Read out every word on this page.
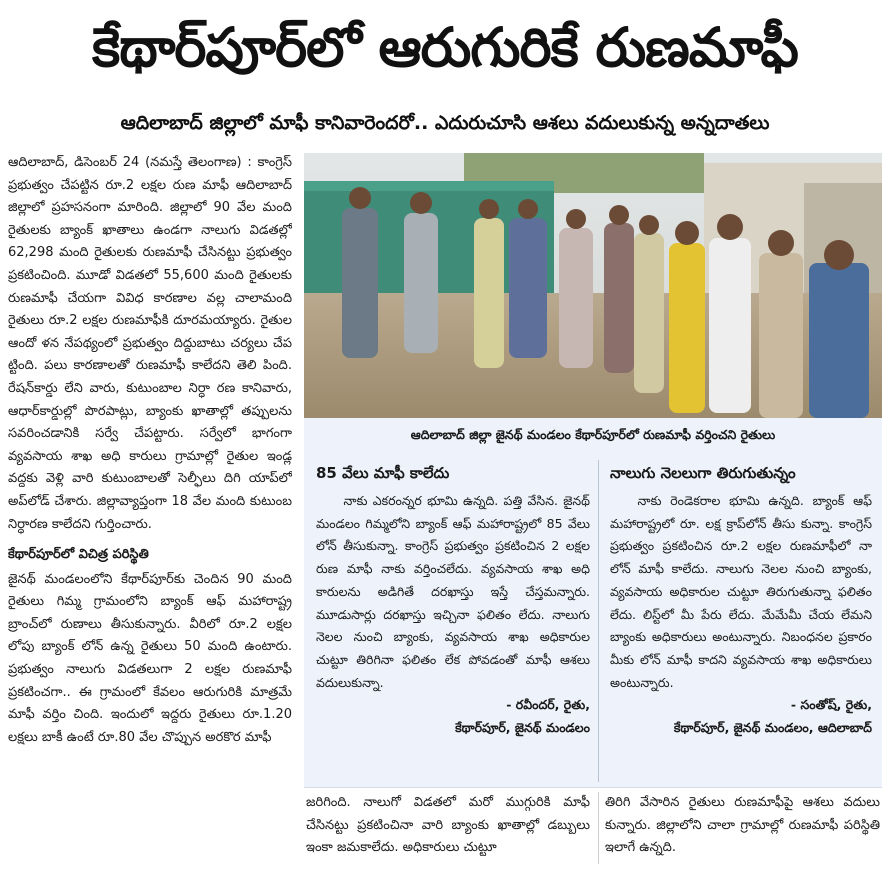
కేథార్‌పూర్‌లో ఆరుగురికే రుణమాఫీ
ఆదిలాబాద్ జిల్లాలో మాఫీ కానివారెందరో.. ఎదురుచూసి ఆశలు వదులుకున్న అన్నదాతలు

ఆదిలాబాద్, డిసెంబర్ 24 (నమస్తే తెలంగాణ) : కాంగ్రెస్ ప్రభుత్వం చేపట్టిన రూ.2 లక్షల రుణ మాఫీ ఆదిలాబాద్ జిల్లాలో ప్రహసనంగా మారింది. జిల్లాలో 90 వేల మంది రైతులకు బ్యాంక్ ఖాతాలు ఉండగా నాలుగు విడతల్లో 62,298 మంది రైతులకు రుణమాఫీ చేసినట్టు ప్రభుత్వం ప్రకటించింది. మూడో విడతలో 55,600 మంది రైతులకు రుణమాఫీ చేయగా వివిధ కారణాల వల్ల చాలామంది రైతులు రూ.2 లక్షల రుణమాఫీకి దూరమయ్యారు. రైతుల ఆందో ళన నేపథ్యంలో ప్రభుత్వం దిద్దుబాటు చర్యలు చేప ట్టింది. పలు కారణాలతో రుణమాఫీ కాలేదని తెలి పింది. రేషన్‌కార్డు లేని వారు, కుటుంబాల నిర్ధా రణ కానివారు, ఆధార్‌కార్డుల్లో పొరపాట్లు, బ్యాంకు ఖాతాల్లో తప్పులను సవరించడానికి సర్వే చేపట్టారు. సర్వేలో భాగంగా వ్యవసాయ శాఖ అధి కారులు గ్రామాల్లో రైతుల ఇండ్ల వద్దకు వెళ్లి వారి కుటుంబాలతో సెల్ఫీలు దిగి యాప్‌లో అప్‌లోడ్ చేశారు. జిల్లావ్యాప్తంగా 18 వేల మంది కుటుంబ నిర్ధారణ కాలేదని గుర్తించారు.

కేథార్‌పూర్‌లో విచిత్ర పరిస్థితి

జైనథ్ మండలంలోని కేథార్‌పూర్‌కు చెందిన 90 మంది రైతులు గిమ్మ గ్రామంలోని బ్యాంక్ ఆఫ్ మహారాష్ట్ర బ్రాంచ్‌లో రుణాలు తీసుకున్నారు. వీరిలో రూ.2 లక్షల లోపు బ్యాంక్ లోన్ ఉన్న రైతులు 50 మంది ఉంటారు. ప్రభుత్వం నాలుగు విడతలుగా 2 లక్షల రుణమాఫీ ప్రకటించగా.. ఈ గ్రామంలో కేవలం ఆరుగురికి మాత్రమే మాఫీ వర్తిం చింది. ఇందులో ఇద్దరు రైతులు రూ.1.20 లక్షలు బాకీ ఉంటే రూ.80 వేల చొప్పున అరకొర మాఫీ

ఆదిలాబాద్ జిల్లా జైనథ్ మండలం కేథార్‌పూర్‌లో రుణమాఫీ వర్తించని రైతులు
85 వేలు మాఫీ కాలేదు

నాకు ఎకరంన్నర భూమి ఉన్నది. పత్తి వేసిన. జైనథ్ మండలం గిమ్మలోని బ్యాంక్ ఆఫ్ మహారాష్ట్రలో 85 వేలు లోన్ తీసుకున్నా. కాంగ్రెస్ ప్రభుత్వం ప్రకటించిన 2 లక్షల రుణ మాఫీ నాకు వర్తించలేదు. వ్యవసాయ శాఖ అధి కారులను అడిగితే దరఖాస్తు ఇస్తే చేస్తమన్నారు. మూడుసార్లు దరఖాస్తు ఇచ్చినా ఫలితం లేదు. నాలుగు నెలల నుంచి బ్యాంకు, వ్యవసాయ శాఖ అధికారుల చుట్టూ తిరిగినా ఫలితం లేక పోవడంతో మాఫీ ఆశలు వదులుకున్నా.

- రవీందర్, రైతు,
కేథార్‌పూర్, జైనథ్ మండలం
నాలుగు నెలలుగా తిరుగుతున్నం

నాకు రెండెకరాల భూమి ఉన్నది. బ్యాంక్ ఆఫ్ మహారాష్ట్రలో రూ. లక్ష క్రాప్‌లోన్ తీసు కున్నా. కాంగ్రెస్ ప్రభుత్వం ప్రకటించిన రూ.2 లక్షల రుణమాఫీలో నా లోన్ మాఫీ కాలేదు. నాలుగు నెలల నుంచి బ్యాంకు, వ్యవసాయ అధికారుల చుట్టూ తిరుగుతున్నా ఫలితం లేదు. లిస్ట్‌లో మీ పేరు లేదు. మేమేమీ చేయ లేమని బ్యాంకు అధికారులు అంటున్నారు. నిబంధనల ప్రకారం మీకు లోన్ మాఫీ కాదని వ్యవసాయ శాఖ అధికారులు అంటున్నారు.

- సంతోష్, రైతు,
కేథార్‌పూర్, జైనథ్ మండలం, ఆదిలాబాద్
జరిగింది. నాలుగో విడతలో మరో ముగ్గురికి మాఫీ చేసినట్టు ప్రకటించినా వారి బ్యాంకు ఖాతాల్లో డబ్బులు ఇంకా జమకాలేదు. అధికారులు చుట్టూ
తిరిగి వేసారిన రైతులు రుణమాఫీపై ఆశలు వదులు కున్నారు. జిల్లాలోని చాలా గ్రామాల్లో రుణమాఫీ పరిస్థితి ఇలాగే ఉన్నది.
